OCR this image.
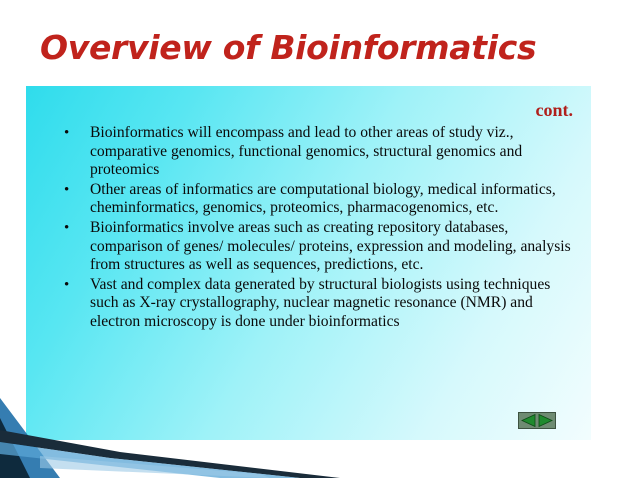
Overview of Bioinformatics
cont.
• Bioinformatics will encompass and lead to other areas of study viz., comparative genomics, functional genomics, structural genomics and proteomics
• Other areas of informatics are computational biology, medical informatics, cheminformatics, genomics, proteomics, pharmacogenomics, etc.
• Bioinformatics involve areas such as creating repository databases, comparison of genes/ molecules/ proteins, expression and modeling, analysis from structures as well as sequences, predictions, etc.
• Vast and complex data generated by structural biologists using techniques such as X-ray crystallography, nuclear magnetic resonance (NMR) and electron microscopy is done under bioinformatics
